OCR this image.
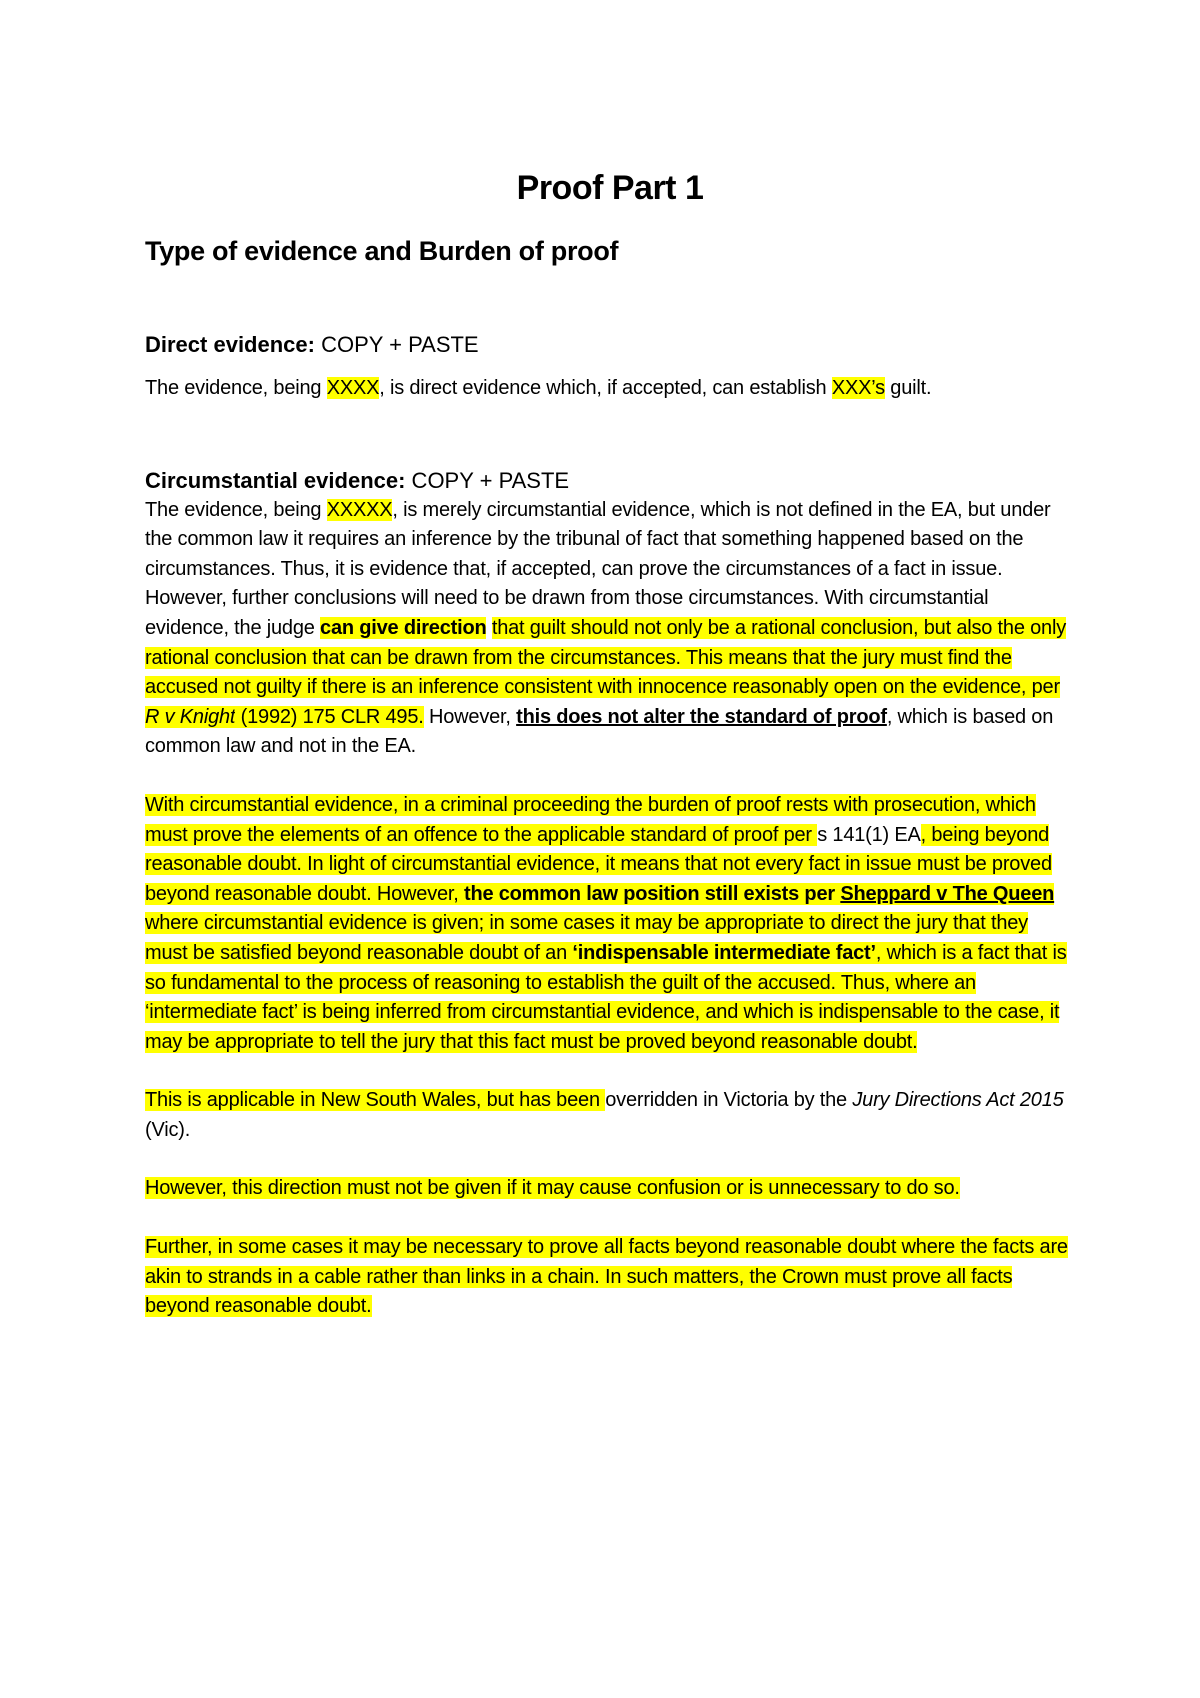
Proof Part 1
Type of evidence and Burden of proof

Direct evidence: COPY + PASTE

The evidence, being XXXX, is direct evidence which, if accepted, can establish XXX’s guilt.

Circumstantial evidence: COPY + PASTE

The evidence, being XXXXX, is merely circumstantial evidence, which is not defined in the EA, but under the common law it requires an inference by the tribunal of fact that something happened based on the circumstances. Thus, it is evidence that, if accepted, can prove the circumstances of a fact in issue. However, further conclusions will need to be drawn from those circumstances. With circumstantial evidence, the judge can give direction that guilt should not only be a rational conclusion, but also the only rational conclusion that can be drawn from the circumstances. This means that the jury must find the accused not guilty if there is an inference consistent with innocence reasonably open on the evidence, per R v Knight (1992) 175 CLR 495. However, this does not alter the standard of proof, which is based on common law and not in the EA.

With circumstantial evidence, in a criminal proceeding the burden of proof rests with prosecution, which must prove the elements of an offence to the applicable standard of proof per s 141(1) EA, being beyond reasonable doubt. In light of circumstantial evidence, it means that not every fact in issue must be proved beyond reasonable doubt. However, the common law position still exists per Sheppard v The Queen where circumstantial evidence is given; in some cases it may be appropriate to direct the jury that they must be satisfied beyond reasonable doubt of an ‘indispensable intermediate fact’, which is a fact that is so fundamental to the process of reasoning to establish the guilt of the accused. Thus, where an ‘intermediate fact’ is being inferred from circumstantial evidence, and which is indispensable to the case, it may be appropriate to tell the jury that this fact must be proved beyond reasonable doubt.

This is applicable in New South Wales, but has been overridden in Victoria by the Jury Directions Act 2015 (Vic).

However, this direction must not be given if it may cause confusion or is unnecessary to do so.

Further, in some cases it may be necessary to prove all facts beyond reasonable doubt where the facts are akin to strands in a cable rather than links in a chain. In such matters, the Crown must prove all facts beyond reasonable doubt.
